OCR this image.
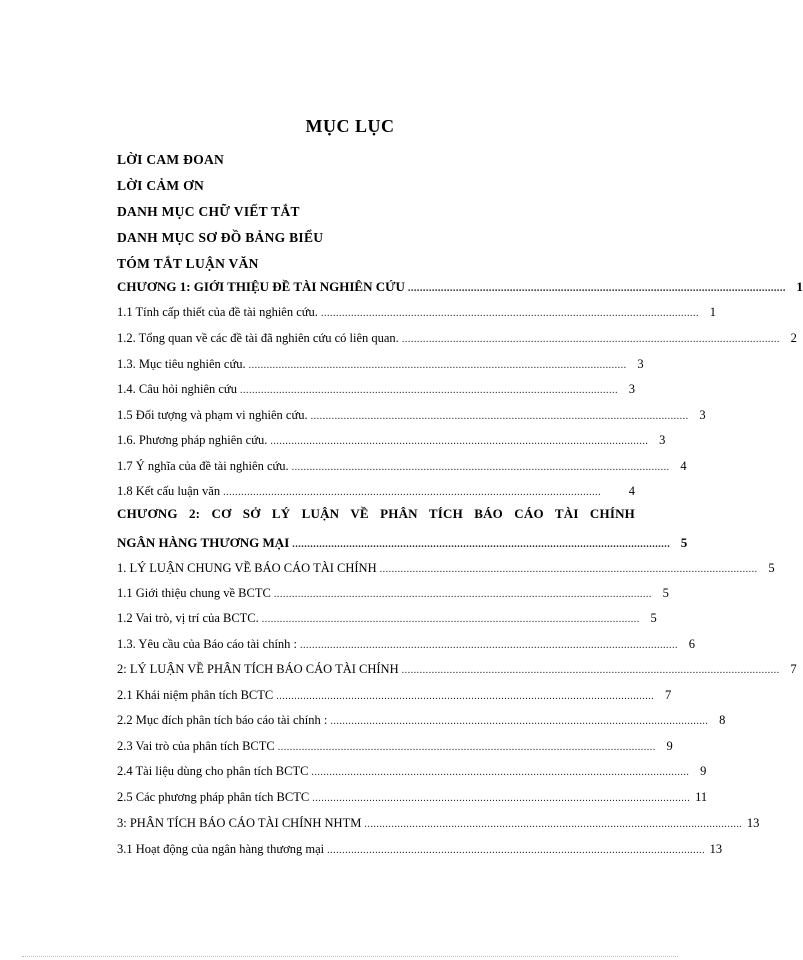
MỤC LỤC
LỜI CAM ĐOAN
LỜI CẢM ƠN
DANH MỤC CHỮ VIẾT TẮT
DANH MỤC SƠ ĐỒ BẢNG BIỂU
TÓM TẮT LUẬN VĂN
CHƯƠNG 1: GIỚI THIỆU ĐỀ TÀI NGHIÊN CỨU .............................................................................................................................. 1
1.1 Tính cấp thiết của đề tài nghiên cứu. .............................................................................................................................. 1
1.2. Tổng quan về các đề tài đã nghiên cứu có liên quan. .............................................................................................................................. 2
1.3. Mục tiêu nghiên cứu. .............................................................................................................................. 3
1.4. Câu hỏi nghiên cứu .............................................................................................................................. 3
1.5 Đối tượng và phạm vi nghiên cứu. .............................................................................................................................. 3
1.6. Phương pháp nghiên cứu. .............................................................................................................................. 3
1.7 Ý nghĩa của đề tài nghiên cứu. .............................................................................................................................. 4
1.8 Kết cấu luận văn ..............................................................................................................................	4
CHƯƠNG 2: CƠ SỞ LÝ LUẬN VỀ PHÂN TÍCH BÁO CÁO TÀI CHÍNH
NGÂN HÀNG THƯƠNG MẠI .............................................................................................................................. 5
1. LÝ LUẬN CHUNG VỀ BÁO CÁO TÀI CHÍNH .............................................................................................................................. 5
1.1 Giới thiệu chung về BCTC .............................................................................................................................. 5
1.2 Vai trò, vị trí của BCTC. .............................................................................................................................. 5
1.3. Yêu cầu của Báo cáo tài chính : .............................................................................................................................. 6
2: LÝ LUẬN VỀ PHÂN TÍCH BÁO CÁO TÀI CHÍNH .............................................................................................................................. 7
2.1 Khái niệm phân tích BCTC .............................................................................................................................. 7
2.2 Mục đích phân tích báo cáo tài chính : .............................................................................................................................. 8
2.3 Vai trò của phân tích BCTC .............................................................................................................................. 9
2.4 Tài liệu dùng cho phân tích BCTC .............................................................................................................................. 9
2.5 Các phương pháp phân tích BCTC .............................................................................................................................. 11
3: PHÂN TÍCH BÁO CÁO TÀI CHÍNH NHTM .............................................................................................................................. 13
3.1 Hoạt động của ngân hàng thương mại .............................................................................................................................. 13
